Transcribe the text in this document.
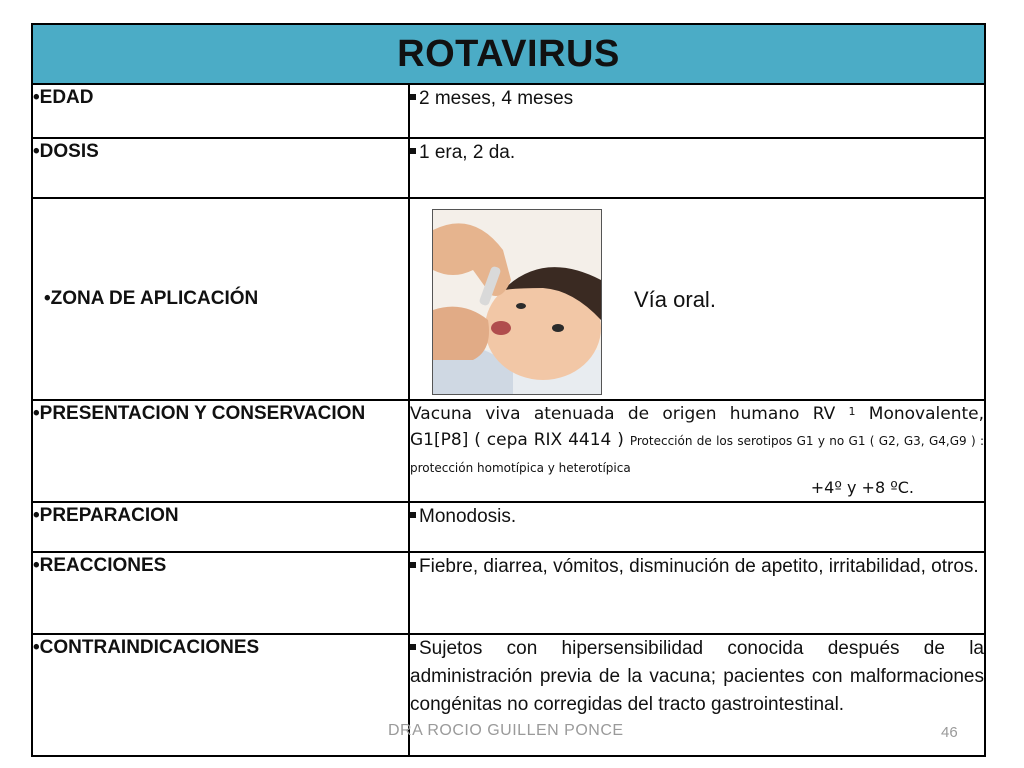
ROTAVIRUS	
•EDAD	2 meses, 4 meses
•DOSIS	1 era, 2 da.
•ZONA DE APLICACIÓN	Vía oral.

•PRESENTACION Y CONSERVACION	Vacuna viva atenuada de origen humano RV $^1$ Monovalente, G1[P8] ( cepa RIX 4414 ) Protección de los serotipos G1 y no G1 ( G2, G3, G4,G9 ) : protección homotípica y heterotípica
+4º y +8 ºC.

•PREPARACION	Monodosis.
•REACCIONES	Fiebre, diarrea, vómitos, disminución de apetito, irritabilidad, otros.
•CONTRAINDICACIONES	Sujetos con hipersensibilidad conocida después de la administración previa de la vacuna; pacientes con malformaciones congénitas no corregidas del tracto gastrointestinal.
DRA ROCIO GUILLEN PONCE	46
